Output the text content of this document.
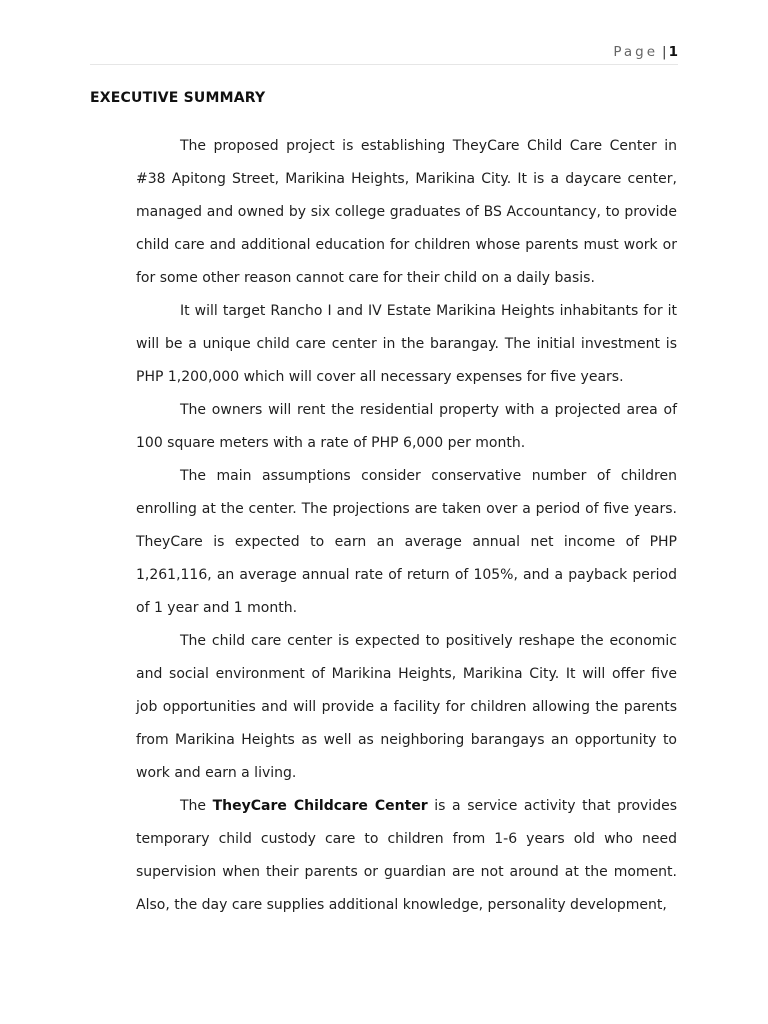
Page | 1
EXECUTIVE SUMMARY

The proposed project is establishing TheyCare Child Care Center in #38 Apitong Street, Marikina Heights, Marikina City. It is a daycare center, managed and owned by six college graduates of BS Accountancy, to provide child care and additional education for children whose parents must work or for some other reason cannot care for their child on a daily basis.

It will target Rancho I and IV Estate Marikina Heights inhabitants for it will be a unique child care center in the barangay. The initial investment is PHP 1,200,000 which will cover all necessary expenses for five years.

The owners will rent the residential property with a projected area of 100 square meters with a rate of PHP 6,000 per month.

The main assumptions consider conservative number of children enrolling at the center. The projections are taken over a period of five years. TheyCare is expected to earn an average annual net income of PHP 1,261,116, an average annual rate of return of 105%, and a payback period of 1 year and 1 month.

The child care center is expected to positively reshape the economic and social environment of Marikina Heights, Marikina City. It will offer five job opportunities and will provide a facility for children allowing the parents from Marikina Heights as well as neighboring barangays an opportunity to work and earn a living.

The TheyCare Childcare Center is a service activity that provides temporary child custody care to children from 1-6 years old who need supervision when their parents or guardian are not around at the moment. Also, the day care supplies additional knowledge, personality development,
